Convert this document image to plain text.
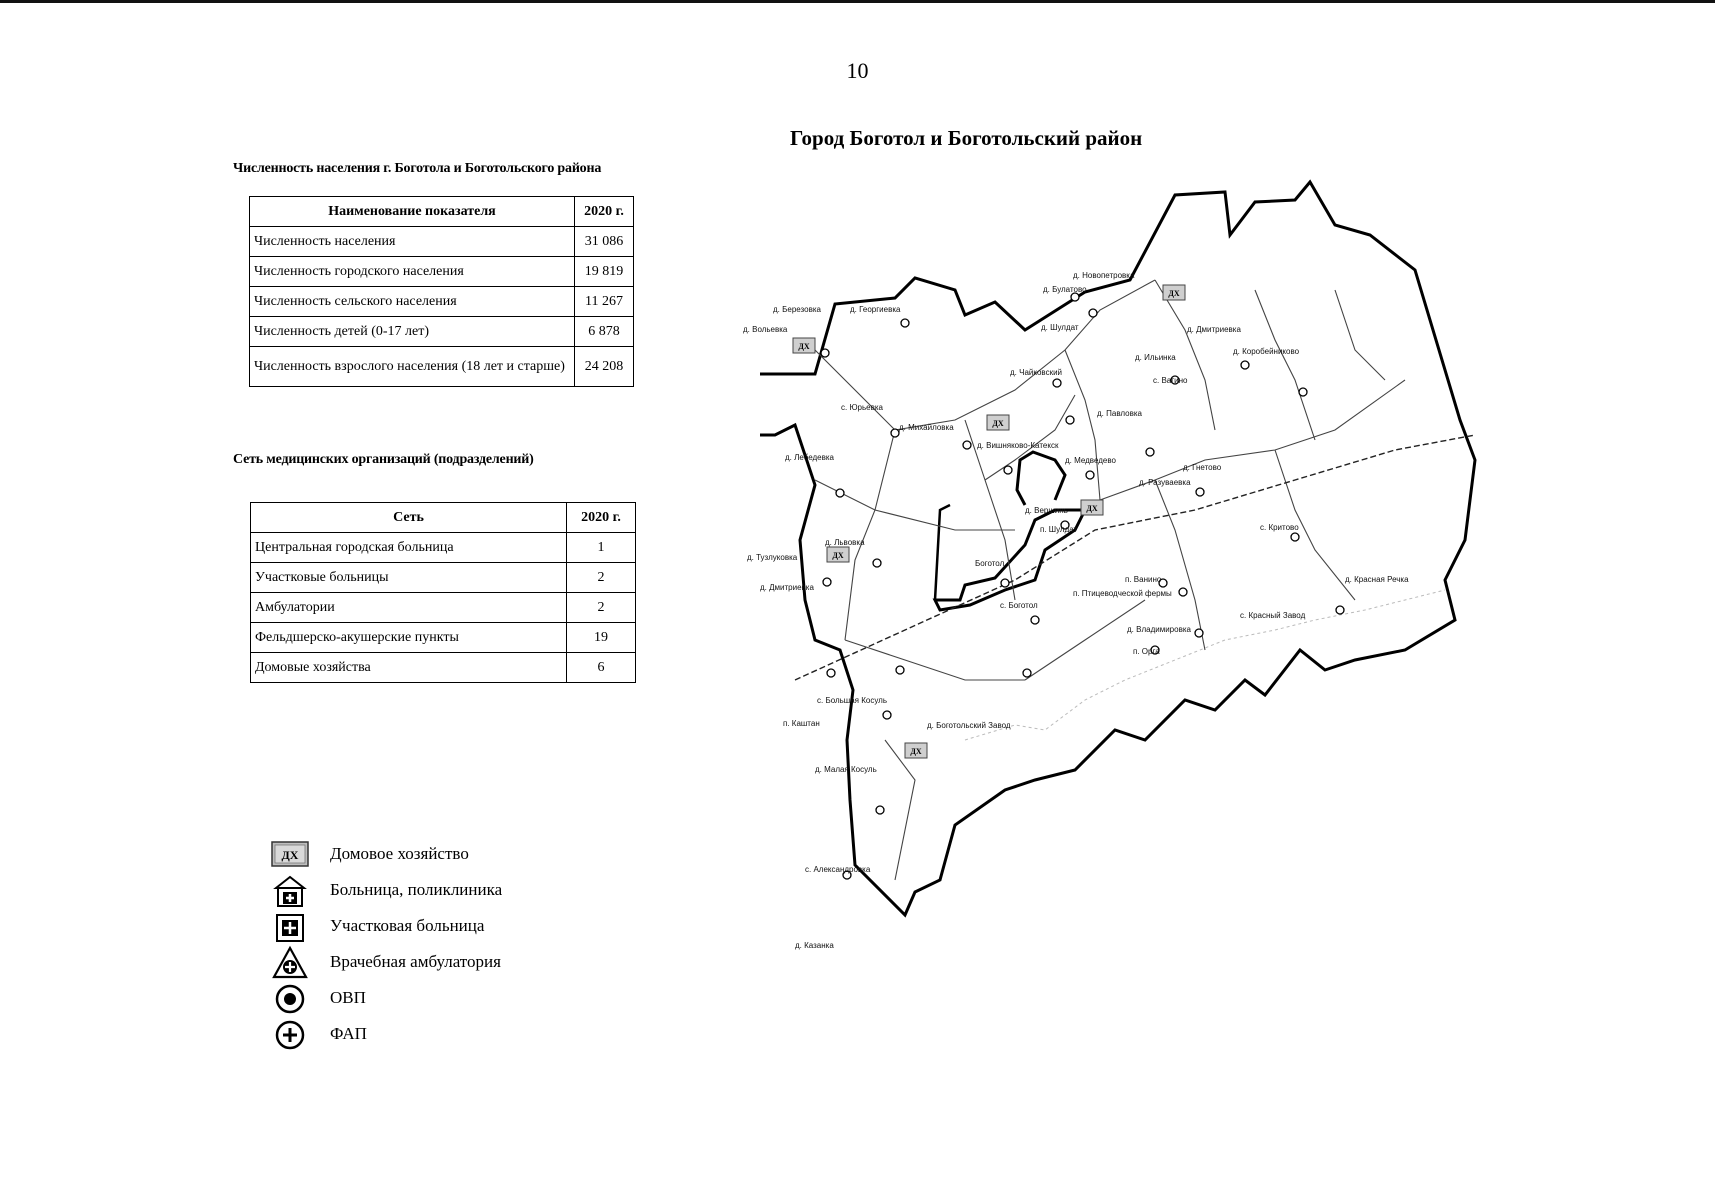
10
Город Боготол и Боготольский район
Численность населения г. Боготола и Боготольского района
Наименование показателя	2020 г.
Численность населения	31 086
Численность городского населения	19 819
Численность сельского населения	11 267
Численность детей (0-17 лет)	6 878
Численность взрослого населения (18 лет и старше)	24 208
Сеть медицинских организаций (подразделений)
Сеть	2020 г.
Центральная городская больница	1
Участковые больницы	2
Амбулатории	2
Фельдшерско-акушерские пункты	19
Домовые хозяйства	6
ДХ Домовое хозяйство
Больница, поликлиника
Участковая больница
Врачебная амбулатория
ОВП
ФАП
ДХ
ДХ
ДХ
ДХ
ДХ
ДХ
д. Новопетровка
д. Булатово
д. Березовка
д. Вольевка
д. Георгиевка
д. Шулдат	д. Дмитриевка
д. Коробейниково
д. Ильинка
с. Вагино
д. Чайковский
с. Юрьевка
д. Михайловка
д. Вишняково-Катекск
д. Павловка
д. Лебедевка	д. Медведево
д. Гнетово
д. Разуваевка
д. Вершинь
п. Шулдат	с. Критово
д. Тузлуковка
д. Львовка
д. Дмитриевка
Боготол
п. Ванино
п. Птицеводческой фермы
д. Красная Речка
с. Красный Завод
с. Боготол
д. Владимировка
п. Орга
с. Большая Косуль
п. Каштан	д. Боготольский Завод
д. Малая Косуль
с. Александровка
д. Казанка
